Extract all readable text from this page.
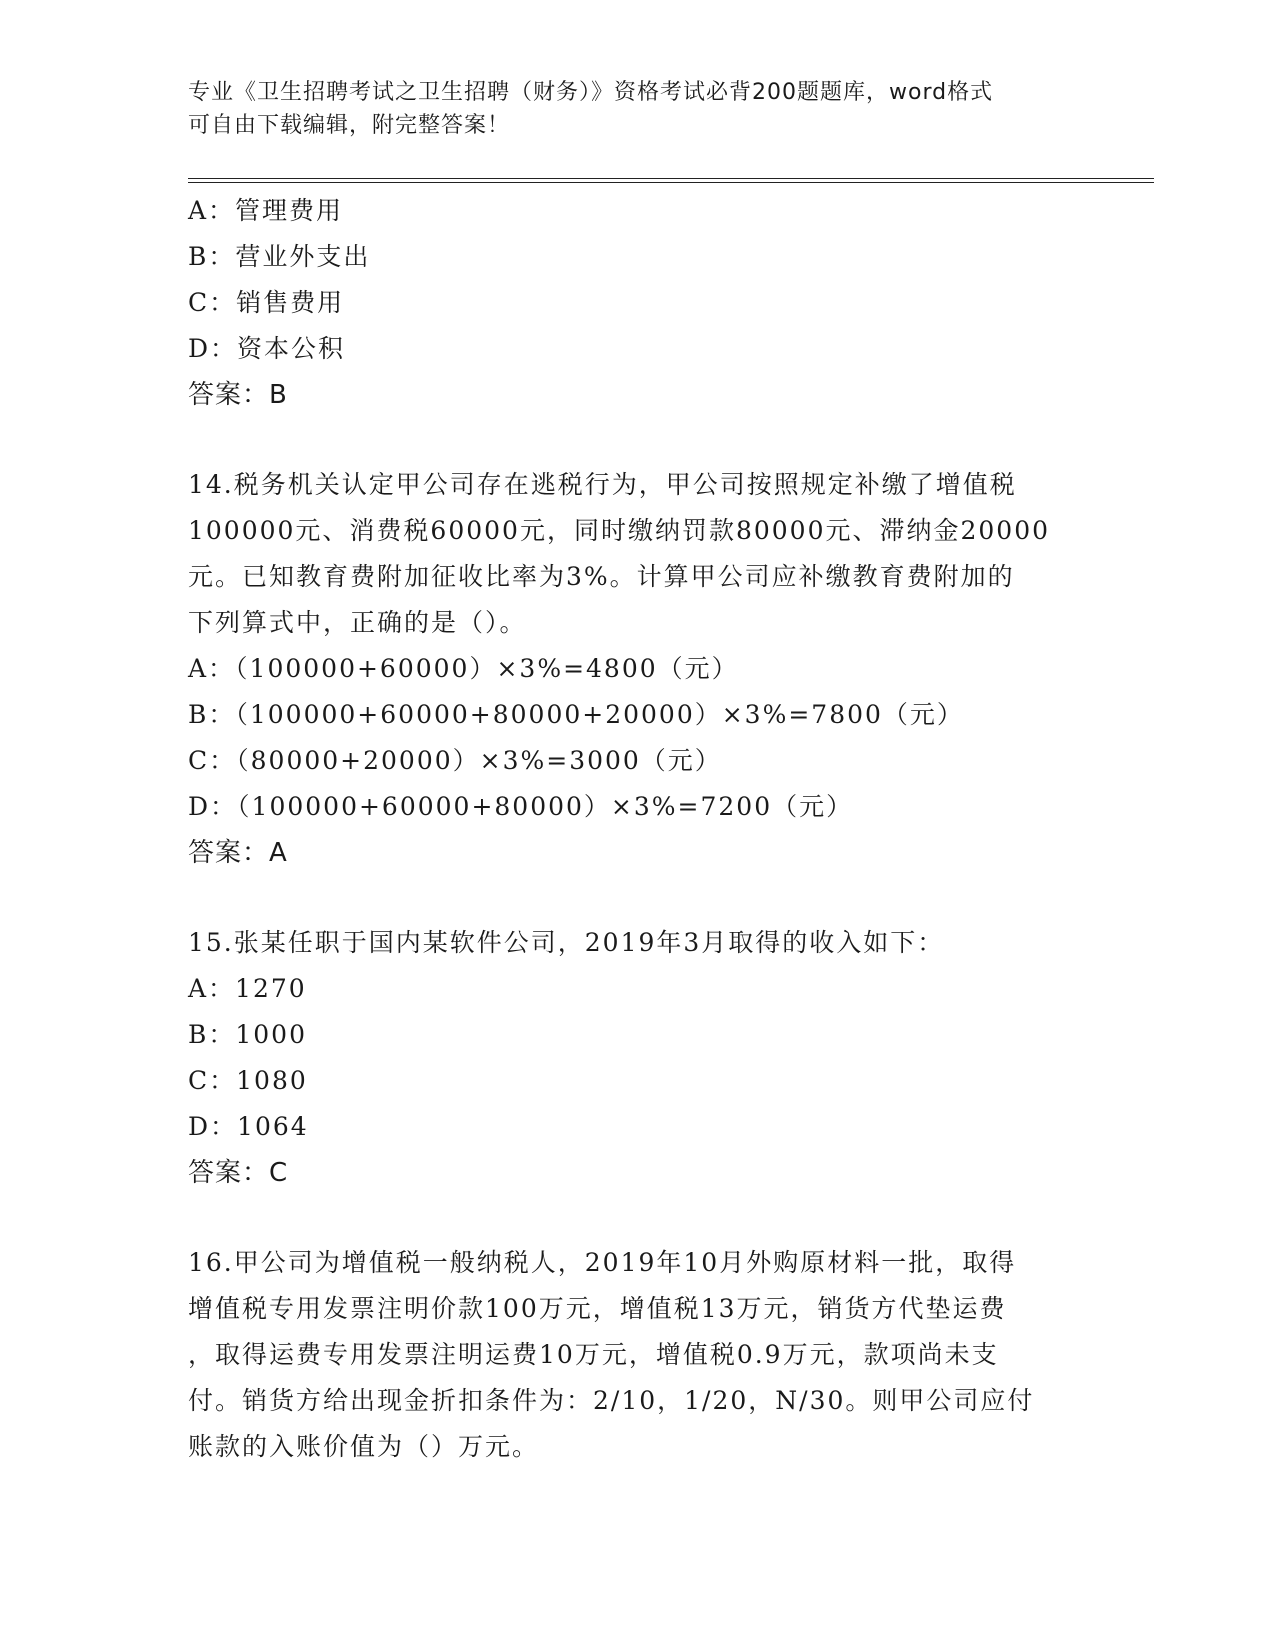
专业《卫生招聘考试之卫生招聘（财务）》资格考试必背200题题库，word格式
可自由下载编辑，附完整答案！
A：管理费用
B：营业外支出
C：销售费用
D：资本公积
答案：B
14.税务机关认定甲公司存在逃税行为，甲公司按照规定补缴了增值税
100000元、消费税60000元，同时缴纳罚款80000元、滞纳金20000
元。已知教育费附加征收比率为3%。计算甲公司应补缴教育费附加的
下列算式中，正确的是（）。
A：（100000+60000）×3%=4800（元）
B：（100000+60000+80000+20000）×3%=7800（元）
C：（80000+20000）×3%=3000（元）
D：（100000+60000+80000）×3%=7200（元）
答案：A
15.张某任职于国内某软件公司，2019年3月取得的收入如下：
A：1270
B：1000
C：1080
D：1064
答案：C
16.甲公司为增值税一般纳税人，2019年10月外购原材料一批，取得
增值税专用发票注明价款100万元，增值税13万元，销货方代垫运费
，取得运费专用发票注明运费10万元，增值税0.9万元，款项尚未支
付。销货方给出现金折扣条件为：2/10，1/20，N/30。则甲公司应付
账款的入账价值为（）万元。
